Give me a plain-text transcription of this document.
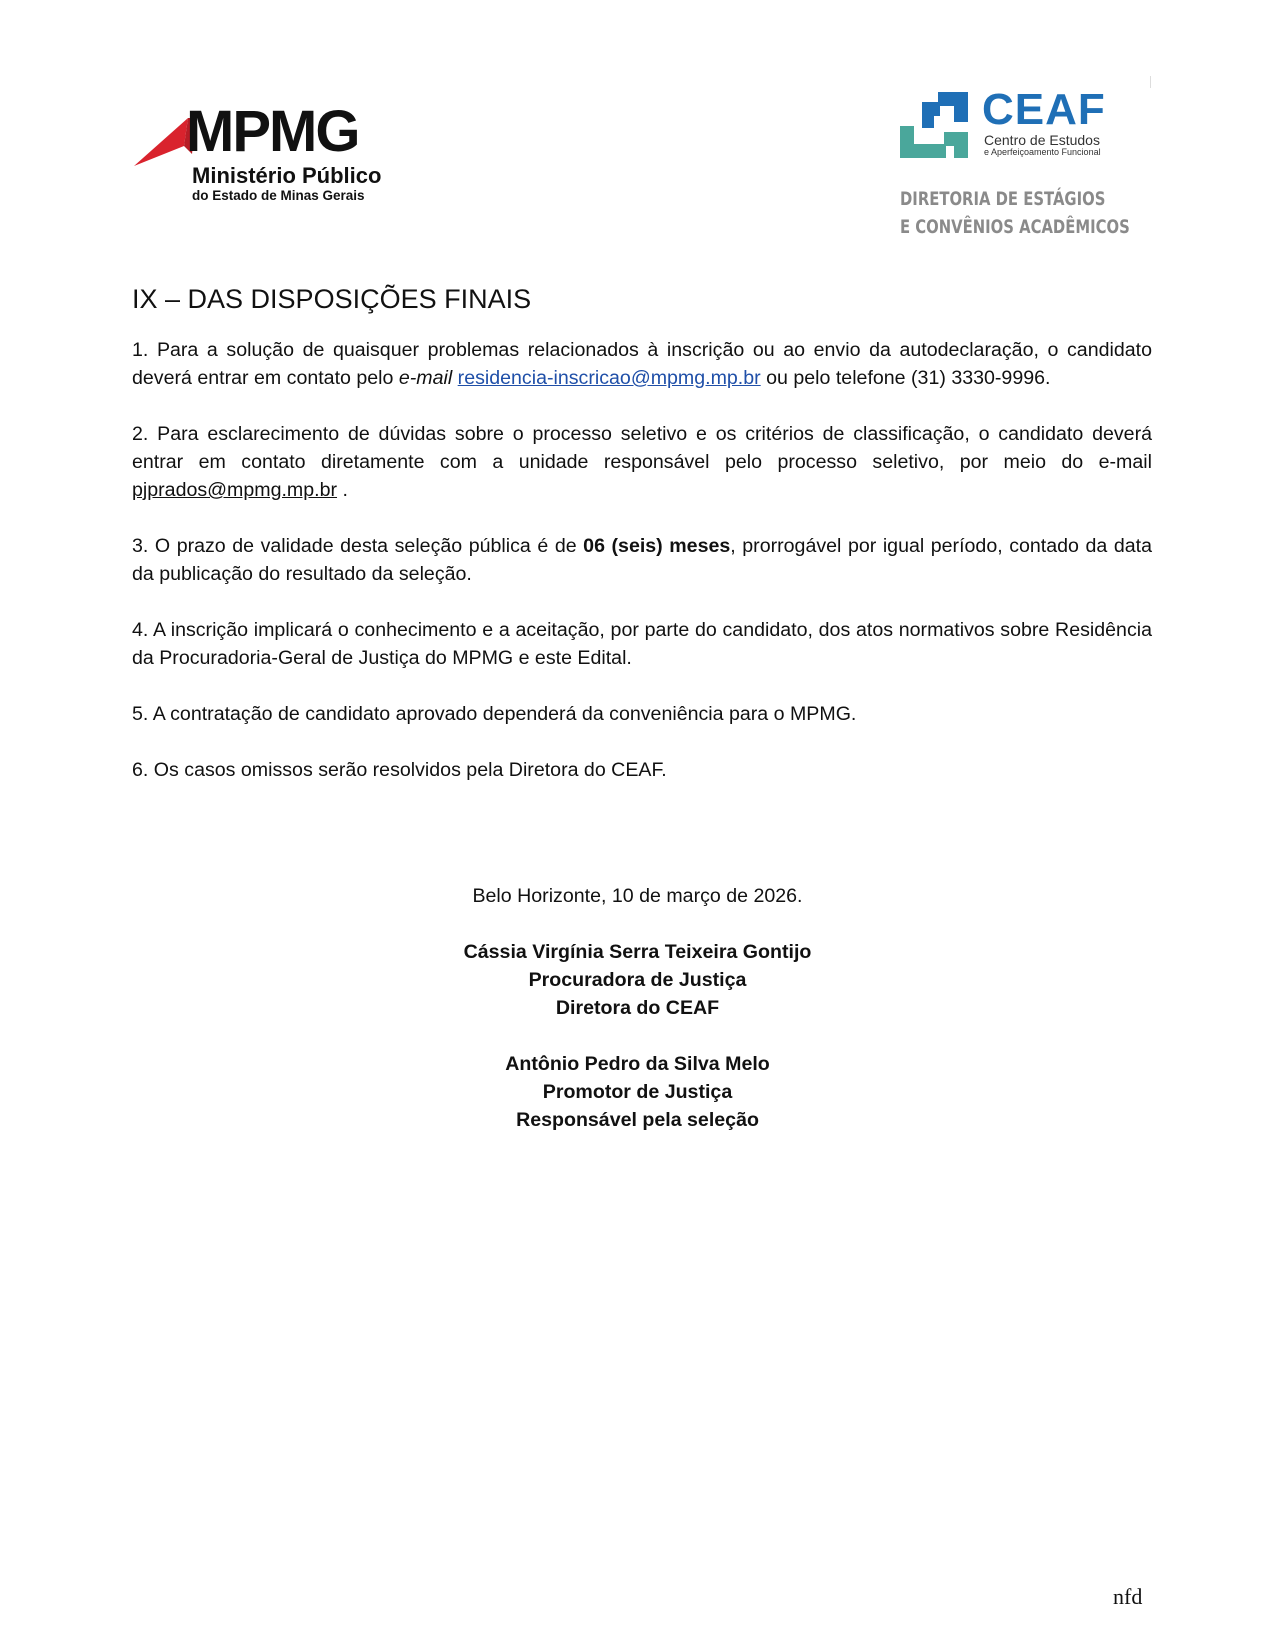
MPMG
Ministério Público
do Estado de Minas Gerais
CEAF
Centro de Estudos
e Aperfeiçoamento Funcional
DIRETORIA DE ESTÁGIOS
E CONVÊNIOS ACADÊMICOS
IX – DAS DISPOSIÇÕES FINAIS

1. Para a solução de quaisquer problemas relacionados à inscrição ou ao envio da autodeclaração, o candidato deverá entrar em contato pelo e-mail residencia-inscricao@mpmg.mp.br ou pelo telefone (31) 3330-9996.

2. Para esclarecimento de dúvidas sobre o processo seletivo e os critérios de classificação, o candidato deverá entrar em contato diretamente com a unidade responsável pelo processo seletivo, por meio do e-mail pjprados@mpmg.mp.br .

3. O prazo de validade desta seleção pública é de 06 (seis) meses, prorrogável por igual período, contado da data da publicação do resultado da seleção.

4. A inscrição implicará o conhecimento e a aceitação, por parte do candidato, dos atos normativos sobre Residência da Procuradoria-Geral de Justiça do MPMG e este Edital.

5. A contratação de candidato aprovado dependerá da conveniência para o MPMG.

6. Os casos omissos serão resolvidos pela Diretora do CEAF.

Belo Horizonte, 10 de março de 2026.
Cássia Virgínia Serra Teixeira Gontijo
Procuradora de Justiça
Diretora do CEAF
Antônio Pedro da Silva Melo
Promotor de Justiça
Responsável pela seleção
nfd
